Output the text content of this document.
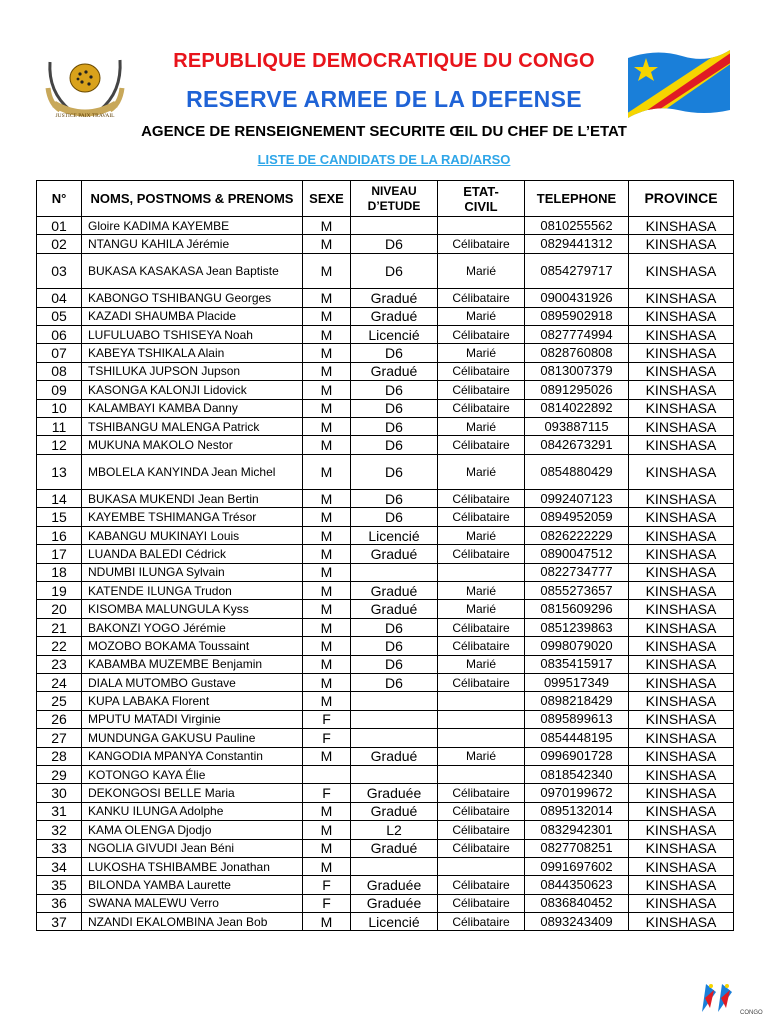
JUSTICE PAIX TRAVAIL
REPUBLIQUE DEMOCRATIQUE DU CONGO
RESERVE ARMEE DE LA DEFENSE
AGENCE DE RENSEIGNEMENT SECURITE ŒIL DU CHEF DE L’ETAT
LISTE DE CANDIDATS DE LA RAD/ARSO
N°	NOMS, POSTNOMS & PRENOMS	SEXE	NIVEAU D’ETUDE	ETAT-CIVIL	TELEPHONE	PROVINCE
01	Gloire KADIMA KAYEMBE	M			0810255562	KINSHASA
02	NTANGU KAHILA Jérémie	M	D6	Célibataire	0829441312	KINSHASA
03	BUKASA KASAKASA Jean Baptiste	M	D6	Marié	0854279717	KINSHASA
04	KABONGO TSHIBANGU Georges	M	Gradué	Célibataire	0900431926	KINSHASA
05	KAZADI SHAUMBA Placide	M	Gradué	Marié	0895902918	KINSHASA
06	LUFULUABO TSHISEYA Noah	M	Licencié	Célibataire	0827774994	KINSHASA
07	KABEYA TSHIKALA Alain	M	D6	Marié	0828760808	KINSHASA
08	TSHILUKA JUPSON Jupson	M	Gradué	Célibataire	0813007379	KINSHASA
09	KASONGA KALONJI Lidovick	M	D6	Célibataire	0891295026	KINSHASA
10	KALAMBAYI KAMBA Danny	M	D6	Célibataire	0814022892	KINSHASA
11	TSHIBANGU MALENGA Patrick	M	D6	Marié	093887115	KINSHASA
12	MUKUNA MAKOLO Nestor	M	D6	Célibataire	0842673291	KINSHASA
13	MBOLELA KANYINDA Jean Michel	M	D6	Marié	0854880429	KINSHASA
14	BUKASA MUKENDI Jean Bertin	M	D6	Célibataire	0992407123	KINSHASA
15	KAYEMBE TSHIMANGA Trésor	M	D6	Célibataire	0894952059	KINSHASA
16	KABANGU MUKINAYI Louis	M	Licencié	Marié	0826222229	KINSHASA
17	LUANDA BALEDI Cédrick	M	Gradué	Célibataire	0890047512	KINSHASA
18	NDUMBI ILUNGA Sylvain	M			0822734777	KINSHASA
19	KATENDE ILUNGA Trudon	M	Gradué	Marié	0855273657	KINSHASA
20	KISOMBA MALUNGULA Kyss	M	Gradué	Marié	0815609296	KINSHASA
21	BAKONZI YOGO Jérémie	M	D6	Célibataire	0851239863	KINSHASA
22	MOZOBO BOKAMA Toussaint	M	D6	Célibataire	0998079020	KINSHASA
23	KABAMBA MUZEMBE Benjamin	M	D6	Marié	0835415917	KINSHASA
24	DIALA MUTOMBO Gustave	M	D6	Célibataire	099517349	KINSHASA
25	KUPA LABAKA Florent	M			0898218429	KINSHASA
26	MPUTU MATADI Virginie	F			0895899613	KINSHASA
27	MUNDUNGA GAKUSU Pauline	F			0854448195	KINSHASA
28	KANGODIA MPANYA Constantin	M	Gradué	Marié	0996901728	KINSHASA
29	KOTONGO KAYA Élie				0818542340	KINSHASA
30	DEKONGOSI BELLE Maria	F	Graduée	Célibataire	0970199672	KINSHASA
31	KANKU ILUNGA Adolphe	M	Gradué	Célibataire	0895132014	KINSHASA
32	KAMA OLENGA Djodjo	M	L2	Célibataire	0832942301	KINSHASA
33	NGOLIA GIVUDI Jean Béni	M	Gradué	Célibataire	0827708251	KINSHASA
34	LUKOSHA TSHIBAMBE Jonathan	M			0991697602	KINSHASA
35	BILONDA YAMBA Laurette	F	Graduée	Célibataire	0844350623	KINSHASA
36	SWANA MALEWU Verro	F	Graduée	Célibataire	0836840452	KINSHASA
37	NZANDI EKALOMBINA Jean Bob	M	Licencié	Célibataire	0893243409	KINSHASA
CONGO
